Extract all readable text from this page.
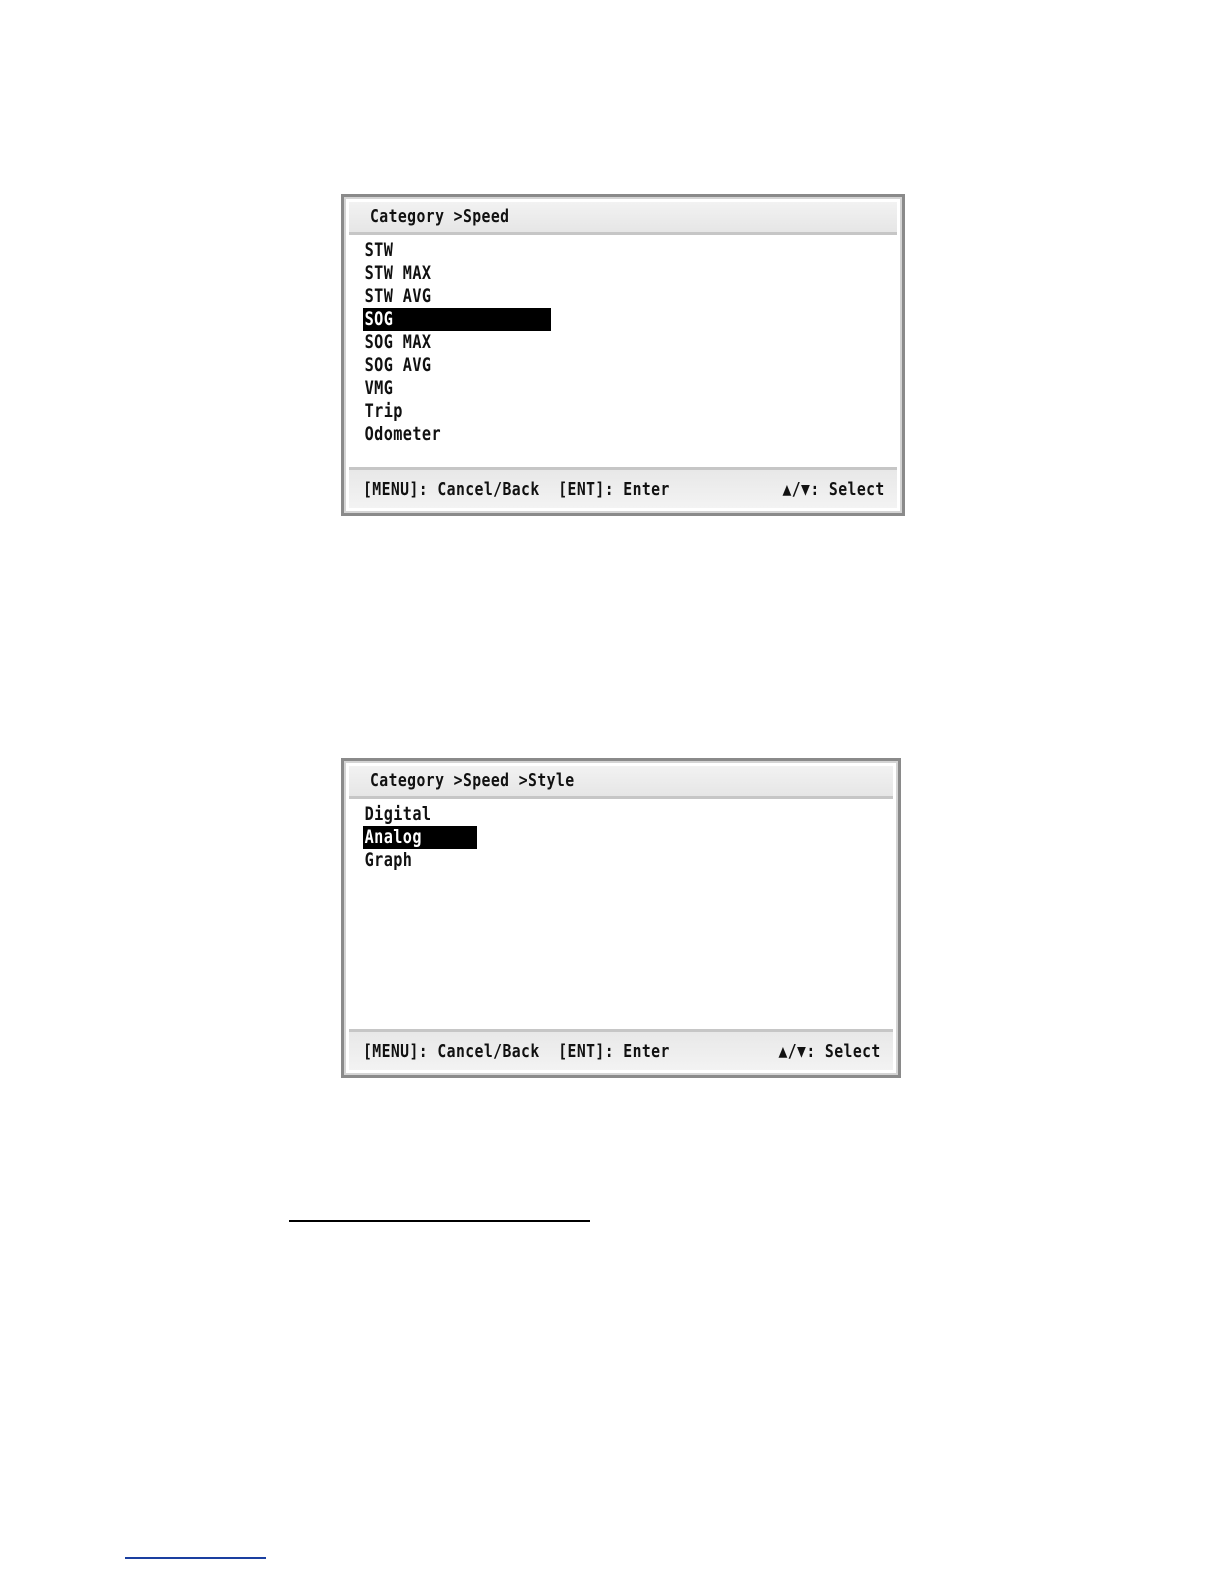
Category >Speed
STW
STW MAX
STW AVG
SOG
SOG MAX
SOG AVG
VMG
Trip
Odometer
[MENU]: Cancel/Back  [ENT]: Enter	▲/▼: Select
Category >Speed >Style
Digital
Analog
Graph
[MENU]: Cancel/Back  [ENT]: Enter	▲/▼: Select
